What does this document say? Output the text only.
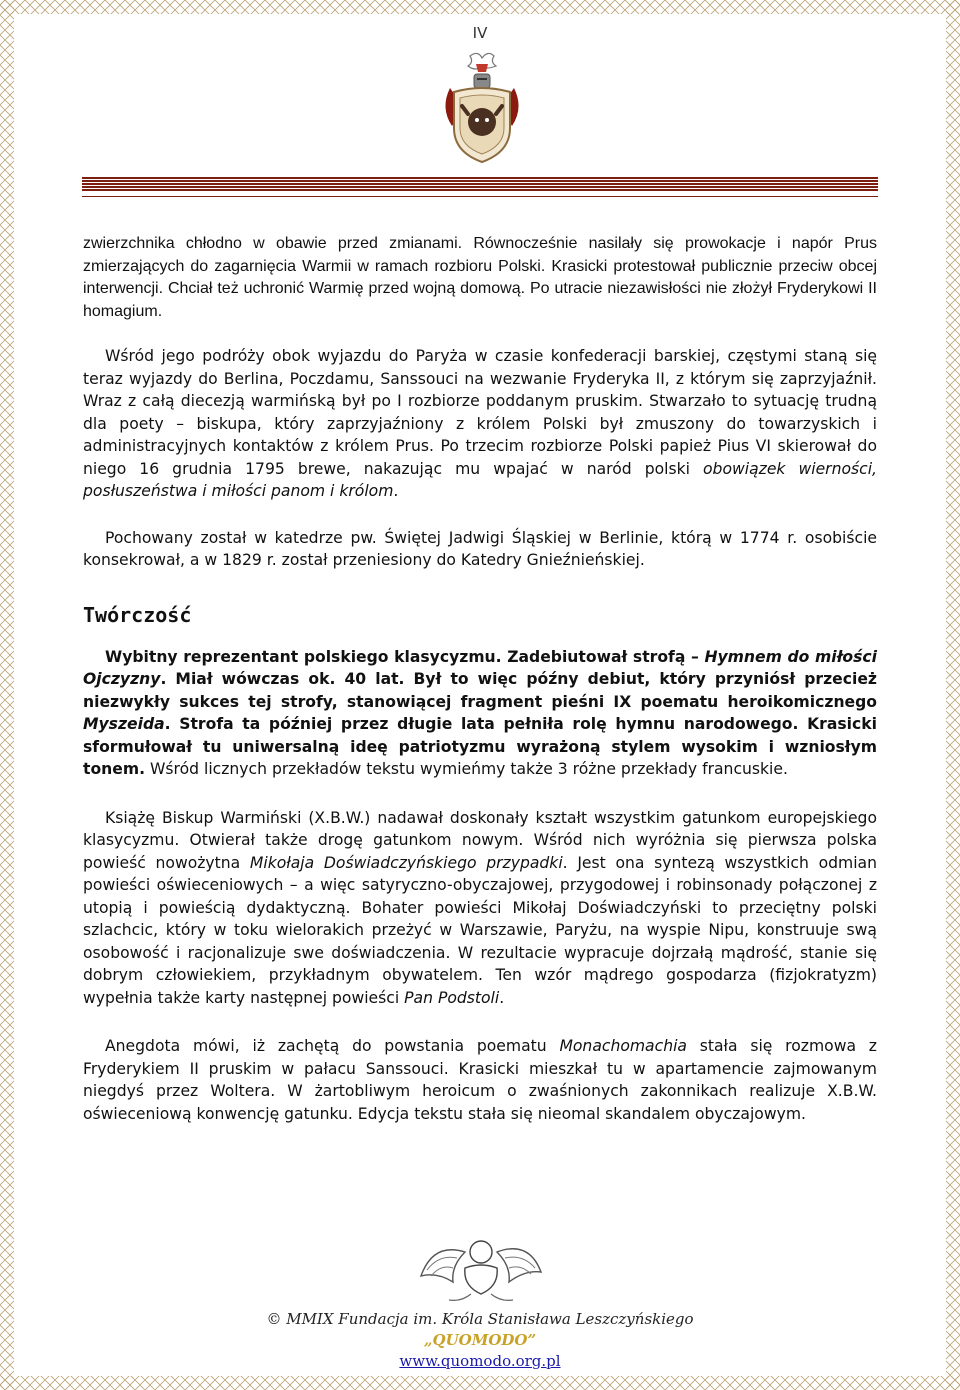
IV

zwierzchnika chłodno w obawie przed zmianami. Równocześnie nasilały się prowokacje i napór Prus zmierzających do zagarnięcia Warmii w ramach rozbioru Polski. Krasicki protestował publicznie przeciw obcej interwencji. Chciał też uchronić Warmię przed wojną domową. Po utracie niezawisłości nie złożył Fryderykowi II homagium.

Wśród jego podróży obok wyjazdu do Paryża w czasie konfederacji barskiej, częstymi staną się teraz wyjazdy do Berlina, Poczdamu, Sanssouci na wezwanie Fryderyka II, z którym się zaprzyjaźnił. Wraz z całą diecezją warmińską był po I rozbiorze poddanym pruskim. Stwarzało to sytuację trudną dla poety – biskupa, który zaprzyjaźniony z królem Polski był zmuszony do towarzyskich i administracyjnych kontaktów z królem Prus. Po trzecim rozbiorze Polski papież Pius VI skierował do niego 16 grudnia 1795 brewe, nakazując mu wpajać w naród polski obowiązek wierności, posłuszeństwa i miłości panom i królom.

Pochowany został w katedrze pw. Świętej Jadwigi Śląskiej w Berlinie, którą w 1774 r. osobiście konsekrował, a w 1829 r. został przeniesiony do Katedry Gnieźnieńskiej.

Twórczość

Wybitny reprezentant polskiego klasycyzmu. Zadebiutował strofą – Hymnem do miłości Ojczyzny. Miał wówczas ok. 40 lat. Był to więc późny debiut, który przyniósł przecież niezwykły sukces tej strofy, stanowiącej fragment pieśni IX poematu heroikomicznego Myszeida. Strofa ta później przez długie lata pełniła rolę hymnu narodowego. Krasicki sformułował tu uniwersalną ideę patriotyzmu wyrażoną stylem wysokim i wzniosłym tonem. Wśród licznych przekładów tekstu wymieńmy także 3 różne przekłady francuskie.

Książę Biskup Warmiński (X.B.W.) nadawał doskonały kształt wszystkim gatunkom europejskiego klasycyzmu. Otwierał także drogę gatunkom nowym. Wśród nich wyróżnia się pierwsza polska powieść nowożytna Mikołaja Doświadczyńskiego przypadki. Jest ona syntezą wszystkich odmian powieści oświeceniowych – a więc satyryczno-obyczajowej, przygodowej i robinsonady połączonej z utopią i powieścią dydaktyczną. Bohater powieści Mikołaj Doświadczyński to przeciętny polski szlachcic, który w toku wielorakich przeżyć w Warszawie, Paryżu, na wyspie Nipu, konstruuje swą osobowość i racjonalizuje swe doświadczenia. W rezultacie wypracuje dojrzałą mądrość, stanie się dobrym człowiekiem, przykładnym obywatelem. Ten wzór mądrego gospodarza (fizjokratyzm) wypełnia także karty następnej powieści Pan Podstoli.

Anegdota mówi, iż zachętą do powstania poematu Monachomachia stała się rozmowa z Fryderykiem II pruskim w pałacu Sanssouci. Krasicki mieszkał tu w apartamencie zajmowanym niegdyś przez Woltera. W żartobliwym heroicum o zwaśnionych zakonnikach realizuje X.B.W. oświeceniową konwencję gatunku. Edycja tekstu stała się nieomal skandalem obyczajowym.

© MMIX Fundacja im. Króla Stanisława Leszczyńskiego
„QUOMODO”
www.quomodo.org.pl
